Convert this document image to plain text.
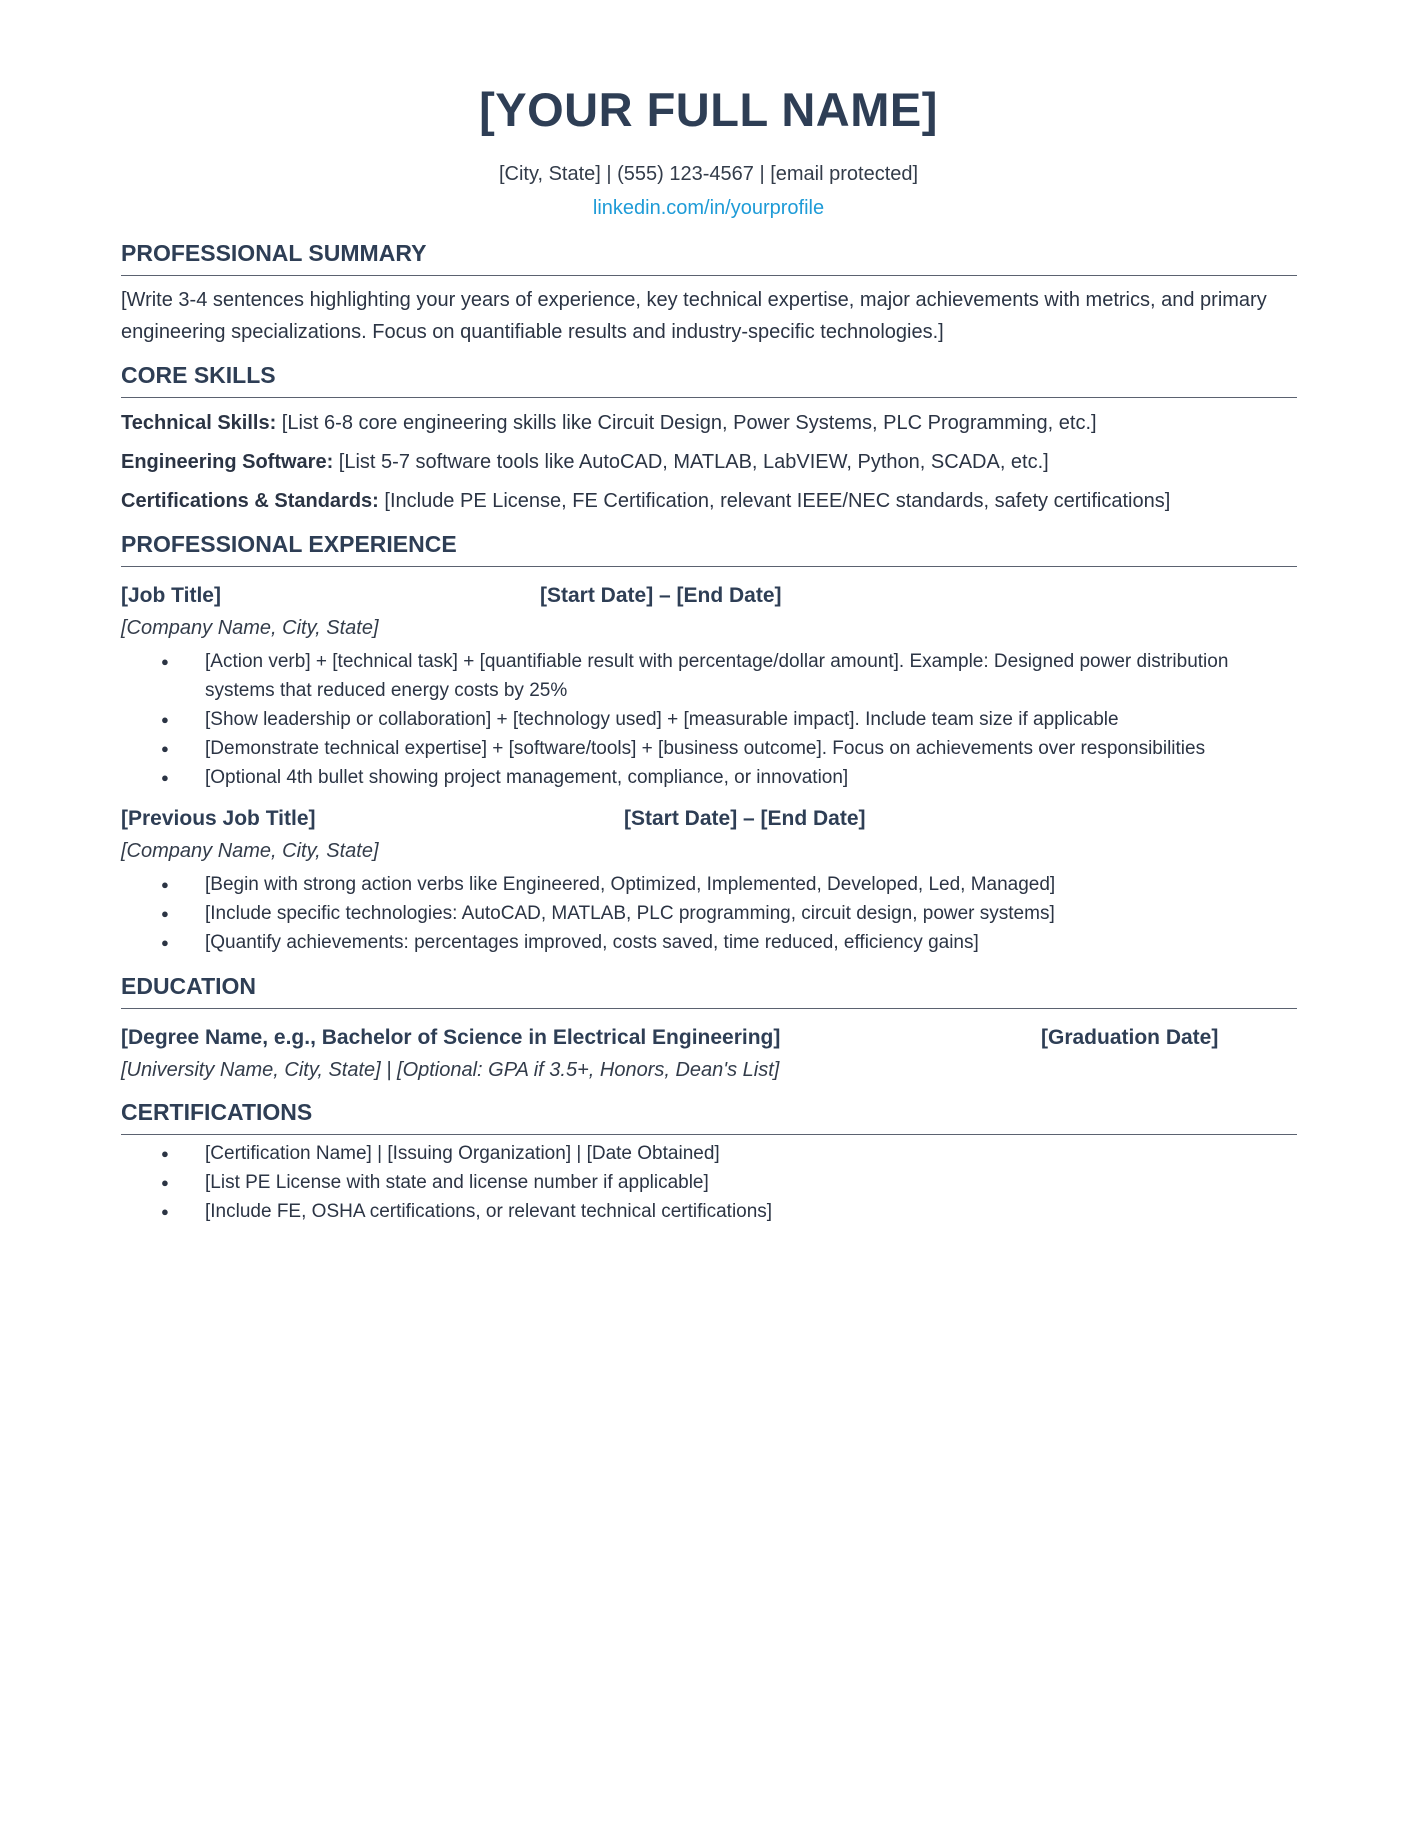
[YOUR FULL NAME]
[City, State] | (555) 123-4567 | [email protected]
linkedin.com/in/yourprofile
PROFESSIONAL SUMMARY

[Write 3-4 sentences highlighting your years of experience, key technical expertise, major achievements with metrics, and primary engineering specializations. Focus on quantifiable results and industry-specific technologies.]

CORE SKILLS
Technical Skills: [List 6-8 core engineering skills like Circuit Design, Power Systems, PLC Programming, etc.]
Engineering Software: [List 5-7 software tools like AutoCAD, MATLAB, LabVIEW, Python, SCADA, etc.]
Certifications & Standards: [Include PE License, FE Certification, relevant IEEE/NEC standards, safety certifications]
PROFESSIONAL EXPERIENCE
[Job Title]	[Start Date] – [End Date]
[Company Name, City, State]
● [Action verb] + [technical task] + [quantifiable result with percentage/dollar amount]. Example: Designed power distribution systems that reduced energy costs by 25%
● [Show leadership or collaboration] + [technology used] + [measurable impact]. Include team size if applicable
● [Demonstrate technical expertise] + [software/tools] + [business outcome]. Focus on achievements over responsibilities
● [Optional 4th bullet showing project management, compliance, or innovation]
[Previous Job Title]	[Start Date] – [End Date]
[Company Name, City, State]
● [Begin with strong action verbs like Engineered, Optimized, Implemented, Developed, Led, Managed]
● [Include specific technologies: AutoCAD, MATLAB, PLC programming, circuit design, power systems]
● [Quantify achievements: percentages improved, costs saved, time reduced, efficiency gains]
EDUCATION
[Degree Name, e.g., Bachelor of Science in Electrical Engineering]	[Graduation Date]
[University Name, City, State] | [Optional: GPA if 3.5+, Honors, Dean's List]
CERTIFICATIONS
● [Certification Name] | [Issuing Organization] | [Date Obtained]
● [List PE License with state and license number if applicable]
● [Include FE, OSHA certifications, or relevant technical certifications]
